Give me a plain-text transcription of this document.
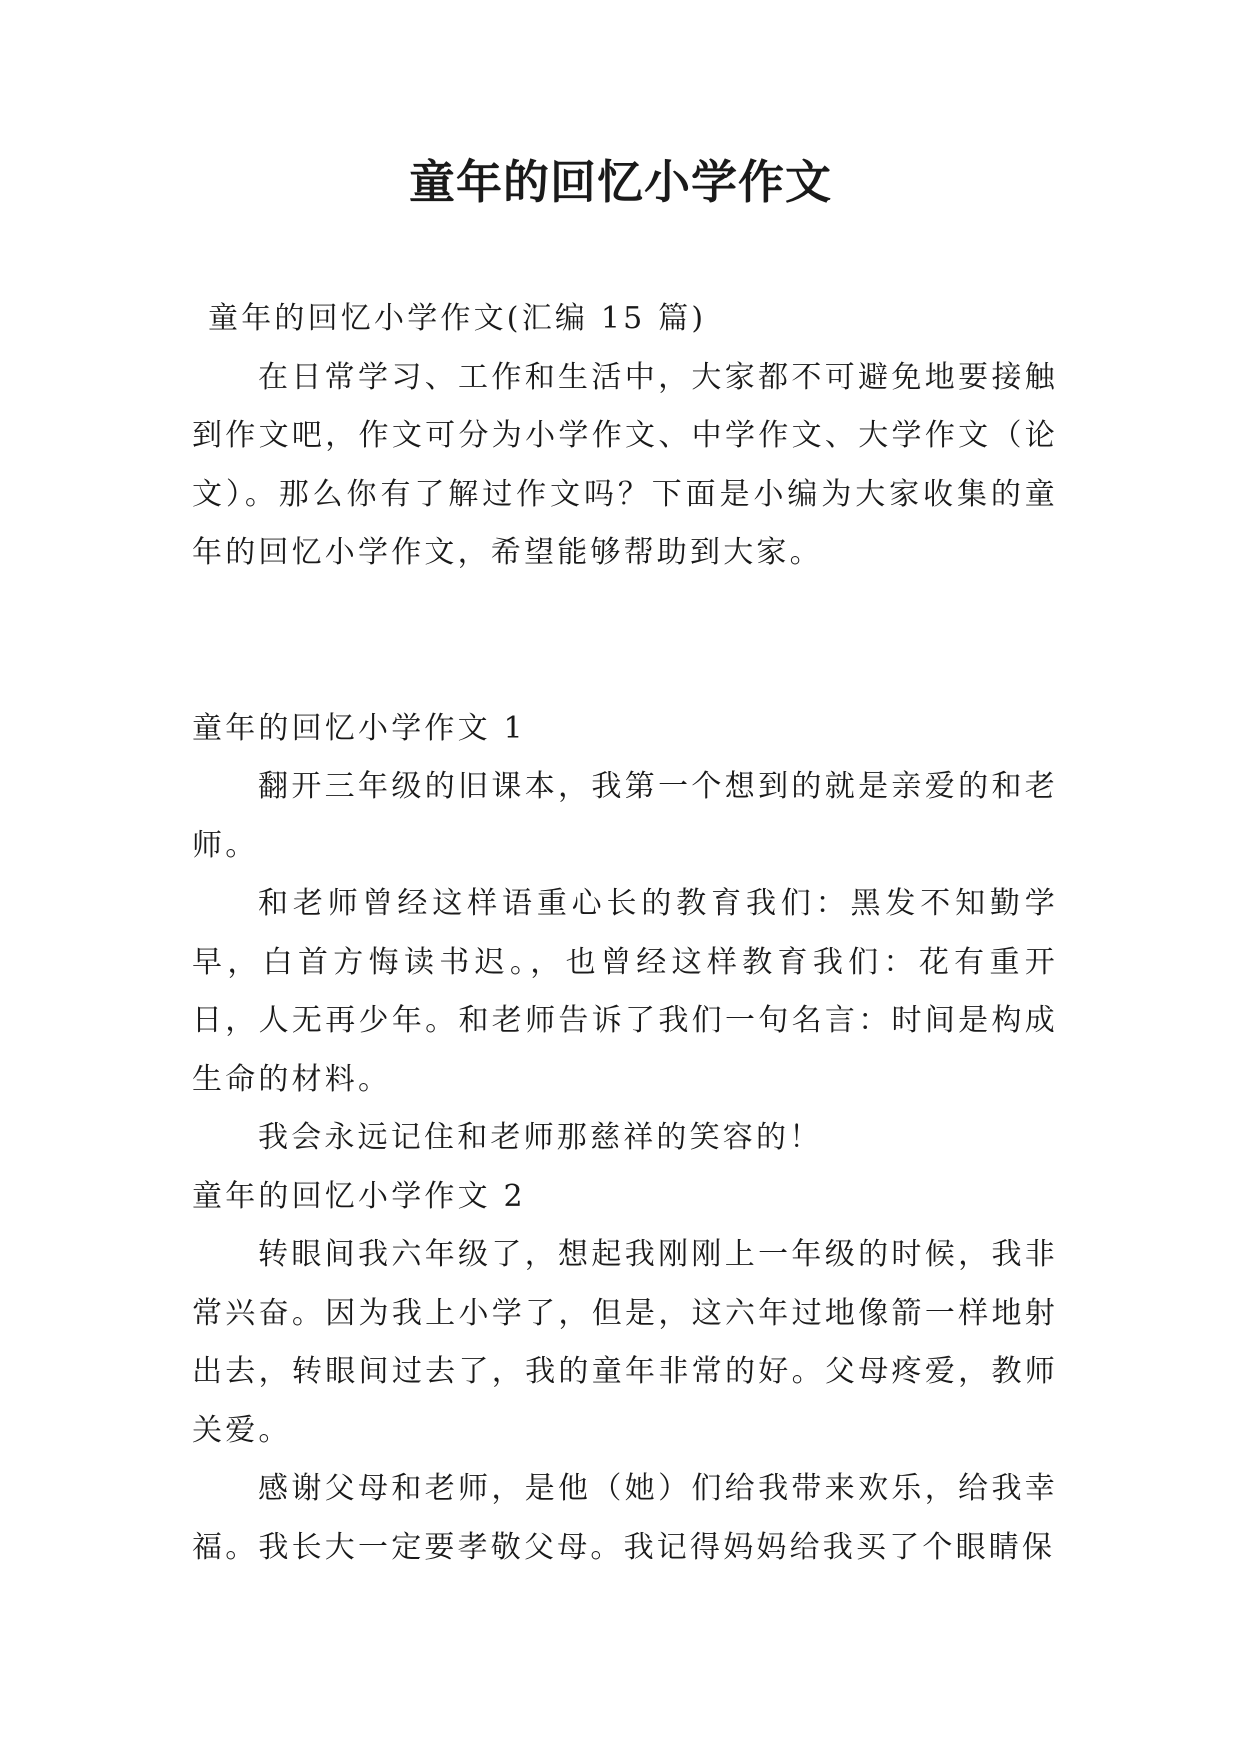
童年的回忆小学作文

童年的回忆小学作文(汇编 15 篇)

在日常学习、工作和生活中，大家都不可避免地要接触到作文吧，作文可分为小学作文、中学作文、大学作文（论文）。那么你有了解过作文吗？下面是小编为大家收集的童年的回忆小学作文，希望能够帮助到大家。

童年的回忆小学作文 1

翻开三年级的旧课本，我第一个想到的就是亲爱的和老师。

和老师曾经这样语重心长的教育我们：黑发不知勤学早，白首方悔读书迟。，也曾经这样教育我们：花有重开日，人无再少年。和老师告诉了我们一句名言：时间是构成生命的材料。

我会永远记住和老师那慈祥的笑容的！

童年的回忆小学作文 2

转眼间我六年级了，想起我刚刚上一年级的时候，我非常兴奋。因为我上小学了，但是，这六年过地像箭一样地射出去，转眼间过去了，我的童年非常的好。父母疼爱，教师关爱。

感谢父母和老师，是他（她）们给我带来欢乐，给我幸福。我长大一定要孝敬父母。我记得妈妈给我买了个眼睛保
